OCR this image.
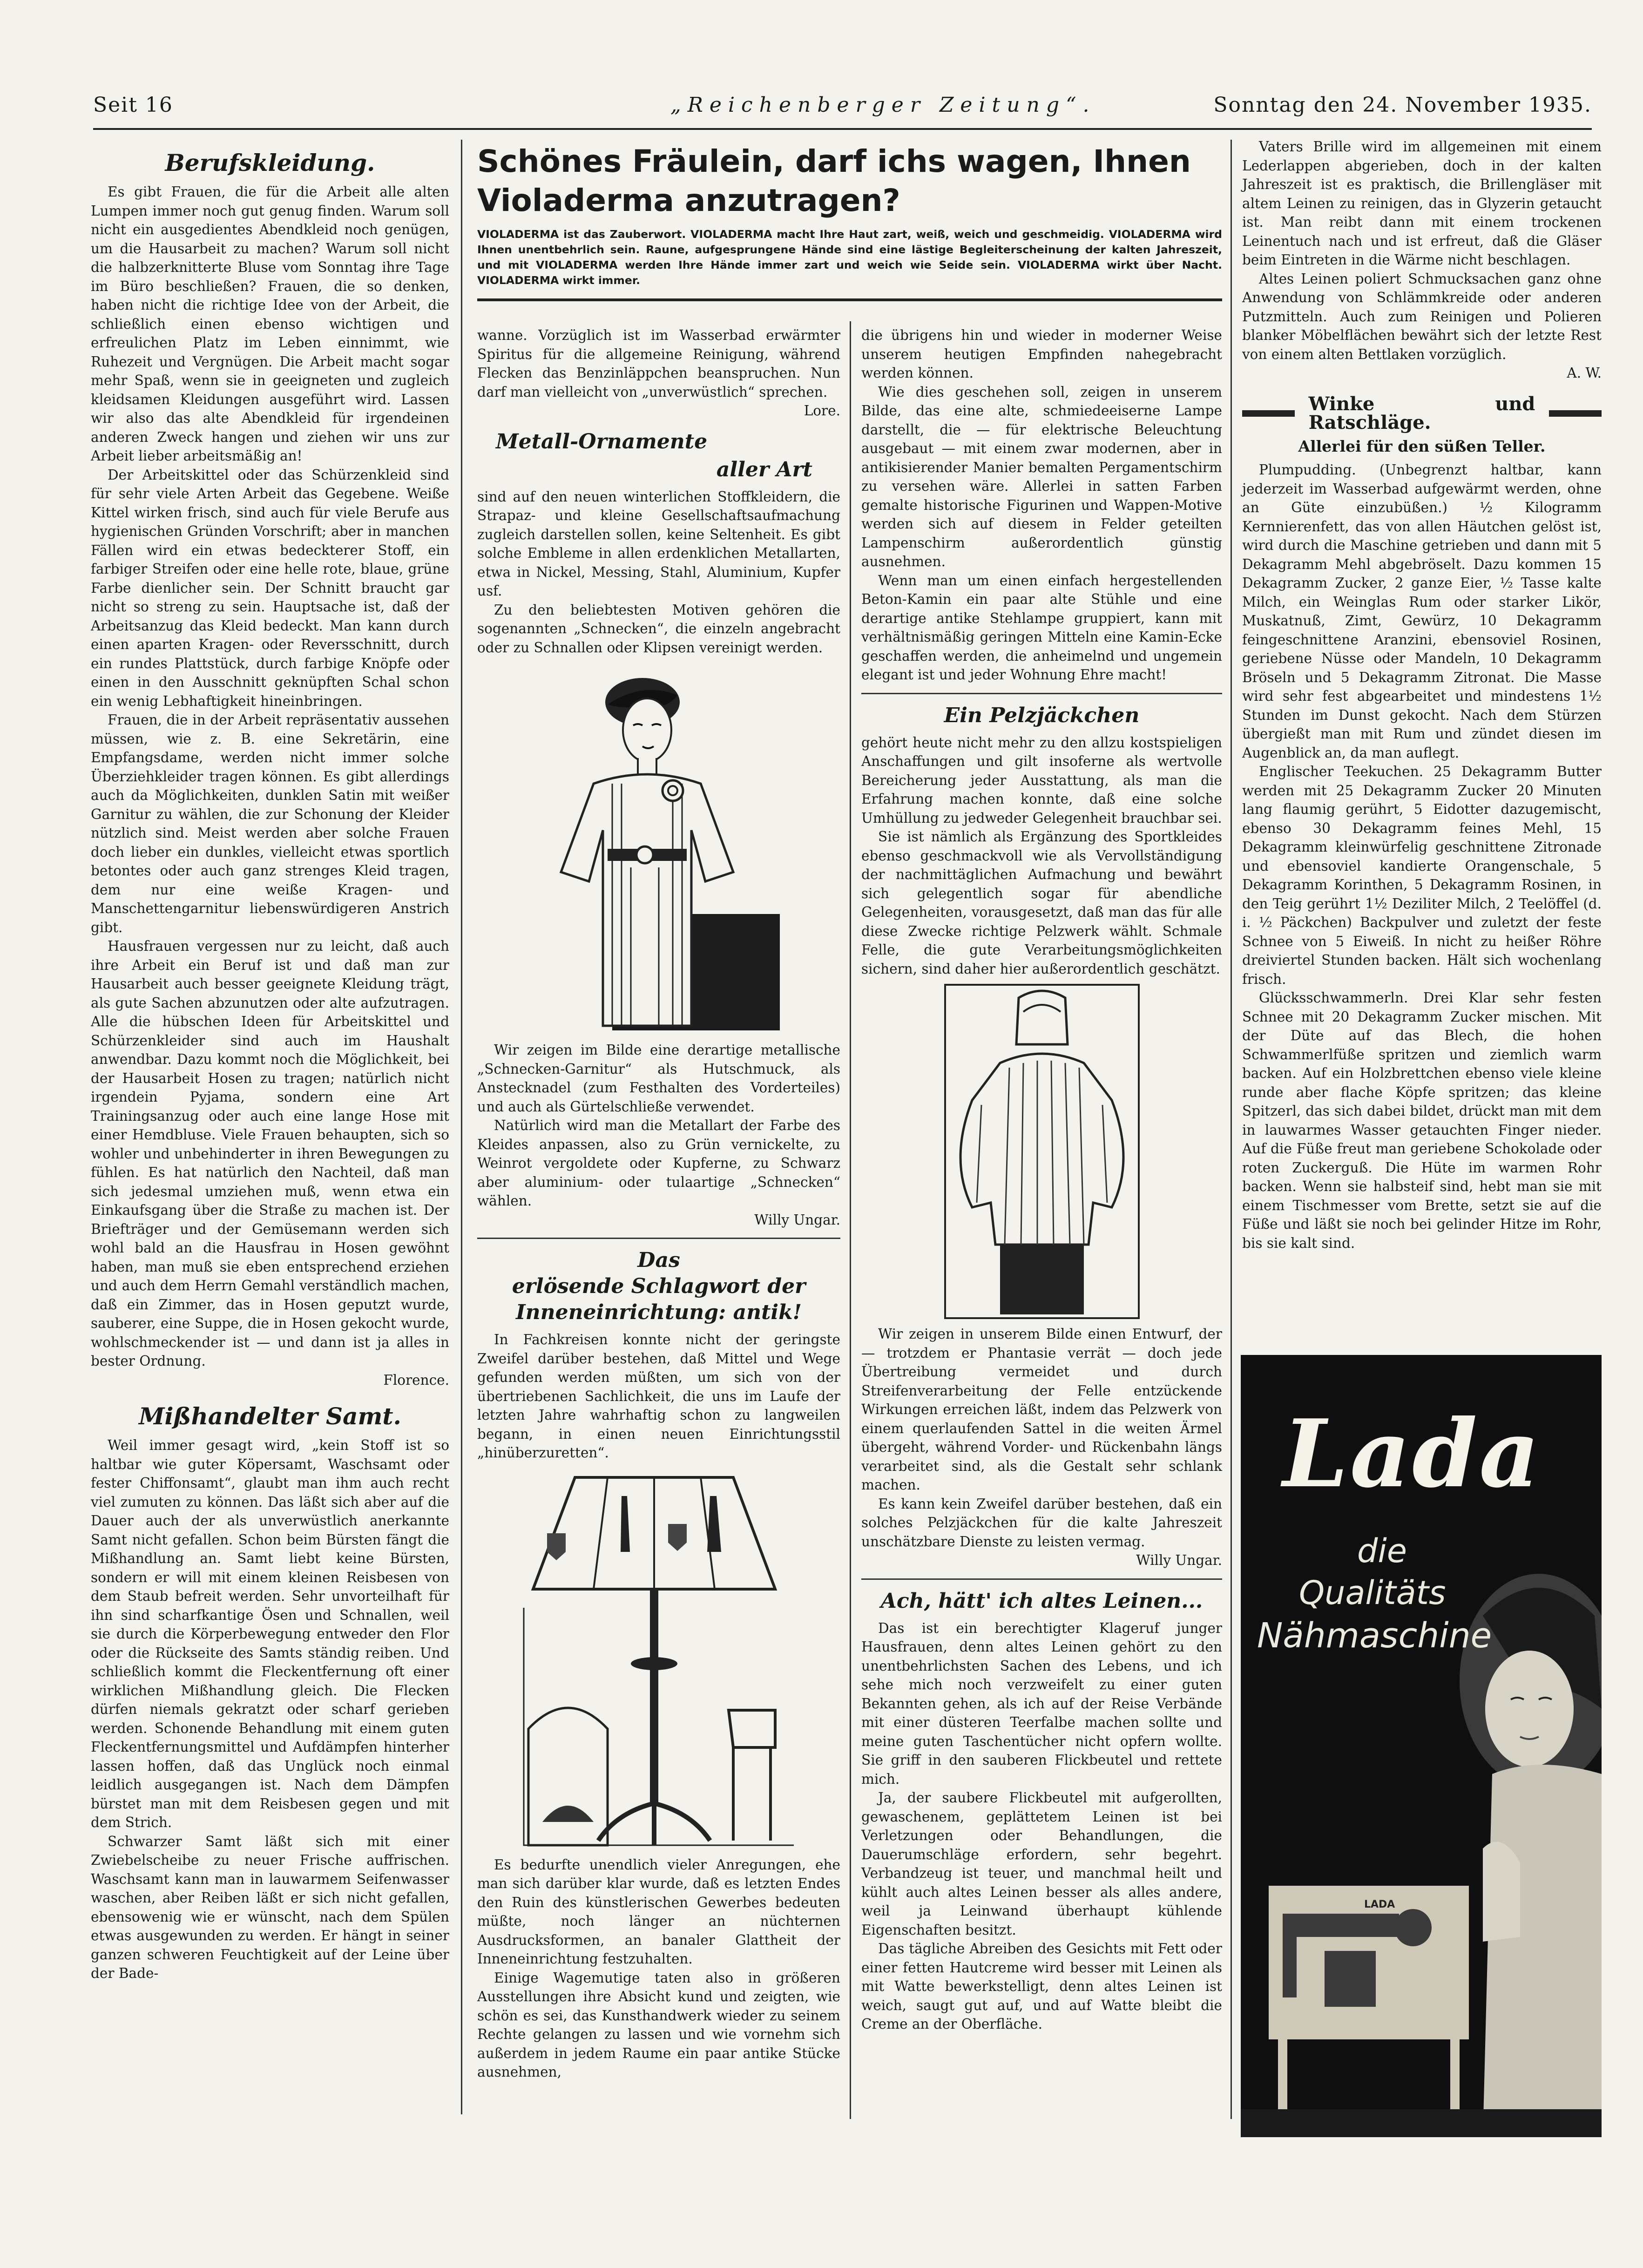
Seit 16	„Reichenberger Zeitung“.	Sonntag den 24. November 1935.
Berufskleidung.

Es gibt Frauen, die für die Arbeit alle alten Lumpen immer noch gut genug finden. Warum soll nicht ein ausgedientes Abendkleid noch genügen, um die Hausarbeit zu machen? Warum soll nicht die halbzerknitterte Bluse vom Sonntag ihre Tage im Büro beschließen? Frauen, die so denken, haben nicht die richtige Idee von der Arbeit, die schließlich einen ebenso wichtigen und erfreulichen Platz im Leben einnimmt, wie Ruhezeit und Vergnügen. Die Arbeit macht sogar mehr Spaß, wenn sie in geeigneten und zugleich kleidsamen Kleidungen ausgeführt wird. Lassen wir also das alte Abendkleid für irgendeinen anderen Zweck hangen und ziehen wir uns zur Arbeit lieber arbeitsmäßig an!

Der Arbeitskittel oder das Schürzenkleid sind für sehr viele Arten Arbeit das Gegebene. Weiße Kittel wirken frisch, sind auch für viele Berufe aus hygienischen Gründen Vorschrift; aber in manchen Fällen wird ein etwas bedeckterer Stoff, ein farbiger Streifen oder eine helle rote, blaue, grüne Farbe dienlicher sein. Der Schnitt braucht gar nicht so streng zu sein. Hauptsache ist, daß der Arbeitsanzug das Kleid bedeckt. Man kann durch einen aparten Kragen- oder Reversschnitt, durch ein rundes Plattstück, durch farbige Knöpfe oder einen in den Ausschnitt geknüpften Schal schon ein wenig Lebhaftigkeit hineinbringen.

Frauen, die in der Arbeit repräsentativ aussehen müssen, wie z. B. eine Sekretärin, eine Empfangsdame, werden nicht immer solche Überziehkleider tragen können. Es gibt allerdings auch da Möglichkeiten, dunklen Satin mit weißer Garnitur zu wählen, die zur Schonung der Kleider nützlich sind. Meist werden aber solche Frauen doch lieber ein dunkles, vielleicht etwas sportlich betontes oder auch ganz strenges Kleid tragen, dem nur eine weiße Kragen- und Manschettengarnitur liebenswürdigeren Anstrich gibt.

Hausfrauen vergessen nur zu leicht, daß auch ihre Arbeit ein Beruf ist und daß man zur Hausarbeit auch besser geeignete Kleidung trägt, als gute Sachen abzunutzen oder alte aufzutragen. Alle die hübschen Ideen für Arbeitskittel und Schürzenkleider sind auch im Haushalt anwendbar. Dazu kommt noch die Möglichkeit, bei der Hausarbeit Hosen zu tragen; natürlich nicht irgendein Pyjama, sondern eine Art Trainingsanzug oder auch eine lange Hose mit einer Hemdbluse. Viele Frauen behaupten, sich so wohler und unbehinderter in ihren Bewegungen zu fühlen. Es hat natürlich den Nachteil, daß man sich jedesmal umziehen muß, wenn etwa ein Einkaufsgang über die Straße zu machen ist. Der Briefträger und der Gemüsemann werden sich wohl bald an die Hausfrau in Hosen gewöhnt haben, man muß sie eben entsprechend erziehen und auch dem Herrn Gemahl verständlich machen, daß ein Zimmer, das in Hosen geputzt wurde, sauberer, eine Suppe, die in Hosen gekocht wurde, wohlschmeckender ist — und dann ist ja alles in bester Ordnung.

Florence.

Mißhandelter Samt.

Weil immer gesagt wird, „kein Stoff ist so haltbar wie guter Köpersamt, Waschsamt oder fester Chiffonsamt“, glaubt man ihm auch recht viel zumuten zu können. Das läßt sich aber auf die Dauer auch der als unverwüstlich anerkannte Samt nicht gefallen. Schon beim Bürsten fängt die Mißhandlung an. Samt liebt keine Bürsten, sondern er will mit einem kleinen Reisbesen von dem Staub befreit werden. Sehr unvorteilhaft für ihn sind scharfkantige Ösen und Schnallen, weil sie durch die Körperbewegung entweder den Flor oder die Rückseite des Samts ständig reiben. Und schließlich kommt die Fleckentfernung oft einer wirklichen Mißhandlung gleich. Die Flecken dürfen niemals gekratzt oder scharf gerieben werden. Schonende Behandlung mit einem guten Fleckentfernungsmittel und Aufdämpfen hinterher lassen hoffen, daß das Unglück noch einmal leidlich ausgegangen ist. Nach dem Dämpfen bürstet man mit dem Reisbesen gegen und mit dem Strich.

Schwarzer Samt läßt sich mit einer Zwiebelscheibe zu neuer Frische auffrischen. Waschsamt kann man in lauwarmem Seifenwasser waschen, aber Reiben läßt er sich nicht gefallen, ebensowenig wie er wünscht, nach dem Spülen etwas ausgewunden zu werden. Er hängt in seiner ganzen schweren Feuchtigkeit auf der Leine über der Bade-

Schönes Fräulein, darf ichs wagen, Ihnen Violaderma anzutragen?
VIOLADERMA ist das Zauberwort. VIOLADERMA macht Ihre Haut zart, weiß, weich und geschmeidig. VIOLADERMA wird Ihnen unentbehrlich sein. Raune, aufgesprungene Hände sind eine lästige Begleiterscheinung der kalten Jahreszeit, und mit VIOLADERMA werden Ihre Hände immer zart und weich wie Seide sein. VIOLADERMA wirkt über Nacht. VIOLADERMA wirkt immer.

wanne. Vorzüglich ist im Wasserbad erwärmter Spiritus für die allgemeine Reinigung, während Flecken das Benzinläppchen beanspruchen. Nun darf man vielleicht von „unverwüstlich“ sprechen.

Lore.

Metall-Ornamente
aller Art

sind auf den neuen winterlichen Stoffkleidern, die Strapaz- und kleine Gesellschaftsaufmachung zugleich darstellen sollen, keine Seltenheit. Es gibt solche Embleme in allen erdenklichen Metallarten, etwa in Nickel, Messing, Stahl, Aluminium, Kupfer usf.

Zu den beliebtesten Motiven gehören die sogenannten „Schnecken“, die einzeln angebracht oder zu Schnallen oder Klipsen vereinigt werden.

Wir zeigen im Bilde eine derartige metallische „Schnecken-Garnitur“ als Hutschmuck, als Anstecknadel (zum Festhalten des Vorderteiles) und auch als Gürtelschließe verwendet.

Natürlich wird man die Metallart der Farbe des Kleides anpassen, also zu Grün vernickelte, zu Weinrot vergoldete oder Kupferne, zu Schwarz aber aluminium- oder tulaartige „Schnecken“ wählen.

Willy Ungar.

Das
erlösende Schlagwort der Inneneinrichtung: antik!

In Fachkreisen konnte nicht der geringste Zweifel darüber bestehen, daß Mittel und Wege gefunden werden müßten, um sich von der übertriebenen Sachlichkeit, die uns im Laufe der letzten Jahre wahrhaftig schon zu langweilen begann, in einen neuen Einrichtungsstil „hinüberzuretten“.

Es bedurfte unendlich vieler Anregungen, ehe man sich darüber klar wurde, daß es letzten Endes den Ruin des künstlerischen Gewerbes bedeuten müßte, noch länger an nüchternen Ausdrucksformen, an banaler Glattheit der Inneneinrichtung festzuhalten.

Einige Wagemutige taten also in größeren Ausstellungen ihre Absicht kund und zeigten, wie schön es sei, das Kunsthandwerk wieder zu seinem Rechte gelangen zu lassen und wie vornehm sich außerdem in jedem Raume ein paar antike Stücke ausnehmen,

die übrigens hin und wieder in moderner Weise unserem heutigen Empfinden nahegebracht werden können.

Wie dies geschehen soll, zeigen in unserem Bilde, das eine alte, schmiedeeiserne Lampe darstellt, die — für elektrische Beleuchtung ausgebaut — mit einem zwar modernen, aber in antikisierender Manier bemalten Pergamentschirm zu versehen wäre. Allerlei in satten Farben gemalte historische Figurinen und Wappen-Motive werden sich auf diesem in Felder geteilten Lampenschirm außerordentlich günstig ausnehmen.

Wenn man um einen einfach hergestellenden Beton-Kamin ein paar alte Stühle und eine derartige antike Stehlampe gruppiert, kann mit verhältnismäßig geringen Mitteln eine Kamin-Ecke geschaffen werden, die anheimelnd und ungemein elegant ist und jeder Wohnung Ehre macht!

Ein Pelzjäckchen

gehört heute nicht mehr zu den allzu kostspieligen Anschaffungen und gilt insoferne als wertvolle Bereicherung jeder Ausstattung, als man die Erfahrung machen konnte, daß eine solche Umhüllung zu jedweder Gelegenheit brauchbar sei.

Sie ist nämlich als Ergänzung des Sportkleides ebenso geschmackvoll wie als Vervollständigung der nachmittäglichen Aufmachung und bewährt sich gelegentlich sogar für abendliche Gelegenheiten, vorausgesetzt, daß man das für alle diese Zwecke richtige Pelzwerk wählt. Schmale Felle, die gute Verarbeitungsmöglichkeiten sichern, sind daher hier außerordentlich geschätzt.

Wir zeigen in unserem Bilde einen Entwurf, der — trotzdem er Phantasie verrät — doch jede Übertreibung vermeidet und durch Streifenverarbeitung der Felle entzückende Wirkungen erreichen läßt, indem das Pelzwerk von einem querlaufenden Sattel in die weiten Ärmel übergeht, während Vorder- und Rückenbahn längs verarbeitet sind, als die Gestalt sehr schlank machen.

Es kann kein Zweifel darüber bestehen, daß ein solches Pelzjäckchen für die kalte Jahreszeit unschätzbare Dienste zu leisten vermag.

Willy Ungar.

Ach, hätt' ich altes Leinen...

Das ist ein berechtigter Klageruf junger Hausfrauen, denn altes Leinen gehört zu den unentbehrlichsten Sachen des Lebens, und ich sehe mich noch verzweifelt zu einer guten Bekannten gehen, als ich auf der Reise Verbände mit einer düsteren Teerfalbe machen sollte und meine guten Taschentücher nicht opfern wollte. Sie griff in den sauberen Flickbeutel und rettete mich.

Ja, der saubere Flickbeutel mit aufgerollten, gewaschenem, geplättetem Leinen ist bei Verletzungen oder Behandlungen, die Dauerumschläge erfordern, sehr begehrt. Verbandzeug ist teuer, und manchmal heilt und kühlt auch altes Leinen besser als alles andere, weil ja Leinwand überhaupt kühlende Eigenschaften besitzt.

Das tägliche Abreiben des Gesichts mit Fett oder einer fetten Hautcreme wird besser mit Leinen als mit Watte bewerkstelligt, denn altes Leinen ist weich, saugt gut auf, und auf Watte bleibt die Creme an der Oberfläche.

Vaters Brille wird im allgemeinen mit einem Lederlappen abgerieben, doch in der kalten Jahreszeit ist es praktisch, die Brillengläser mit altem Leinen zu reinigen, das in Glyzerin getaucht ist. Man reibt dann mit einem trockenen Leinentuch nach und ist erfreut, daß die Gläser beim Eintreten in die Wärme nicht beschlagen.

Altes Leinen poliert Schmucksachen ganz ohne Anwendung von Schlämmkreide oder anderen Putzmitteln. Auch zum Reinigen und Polieren blanker Möbelflächen bewährt sich der letzte Rest von einem alten Bettlaken vorzüglich.

A. W.

Winke und Ratschläge.
Allerlei für den süßen Teller.

Plumpudding. (Unbegrenzt haltbar, kann jederzeit im Wasserbad aufgewärmt werden, ohne an Güte einzubüßen.) ½ Kilogramm Kernnierenfett, das von allen Häutchen gelöst ist, wird durch die Maschine getrieben und dann mit 5 Dekagramm Mehl abgebröselt. Dazu kommen 15 Dekagramm Zucker, 2 ganze Eier, ½ Tasse kalte Milch, ein Weinglas Rum oder starker Likör, Muskatnuß, Zimt, Gewürz, 10 Dekagramm feingeschnittene Aranzini, ebensoviel Rosinen, geriebene Nüsse oder Mandeln, 10 Dekagramm Bröseln und 5 Dekagramm Zitronat. Die Masse wird sehr fest abgearbeitet und mindestens 1½ Stunden im Dunst gekocht. Nach dem Stürzen übergießt man mit Rum und zündet diesen im Augenblick an, da man auflegt.

Englischer Teekuchen. 25 Dekagramm Butter werden mit 25 Dekagramm Zucker 20 Minuten lang flaumig gerührt, 5 Eidotter dazugemischt, ebenso 30 Dekagramm feines Mehl, 15 Dekagramm kleinwürfelig geschnittene Zitronade und ebensoviel kandierte Orangenschale, 5 Dekagramm Korinthen, 5 Dekagramm Rosinen, in den Teig gerührt 1½ Deziliter Milch, 2 Teelöffel (d. i. ½ Päckchen) Backpulver und zuletzt der feste Schnee von 5 Eiweiß. In nicht zu heißer Röhre dreiviertel Stunden backen. Hält sich wochenlang frisch.

Glücksschwammerln. Drei Klar sehr festen Schnee mit 20 Dekagramm Zucker mischen. Mit der Düte auf das Blech, die hohen Schwammerlfüße spritzen und ziemlich warm backen. Auf ein Holzbrettchen ebenso viele kleine runde aber flache Köpfe spritzen; das kleine Spitzerl, das sich dabei bildet, drückt man mit dem in lauwarmes Wasser getauchten Finger nieder. Auf die Füße freut man geriebene Schokolade oder roten Zuckerguß. Die Hüte im warmen Rohr backen. Wenn sie halbsteif sind, hebt man sie mit einem Tischmesser vom Brette, setzt sie auf die Füße und läßt sie noch bei gelinder Hitze im Rohr, bis sie kalt sind.

Lada
die
Qualitäts
Nähmaschine
LADA
